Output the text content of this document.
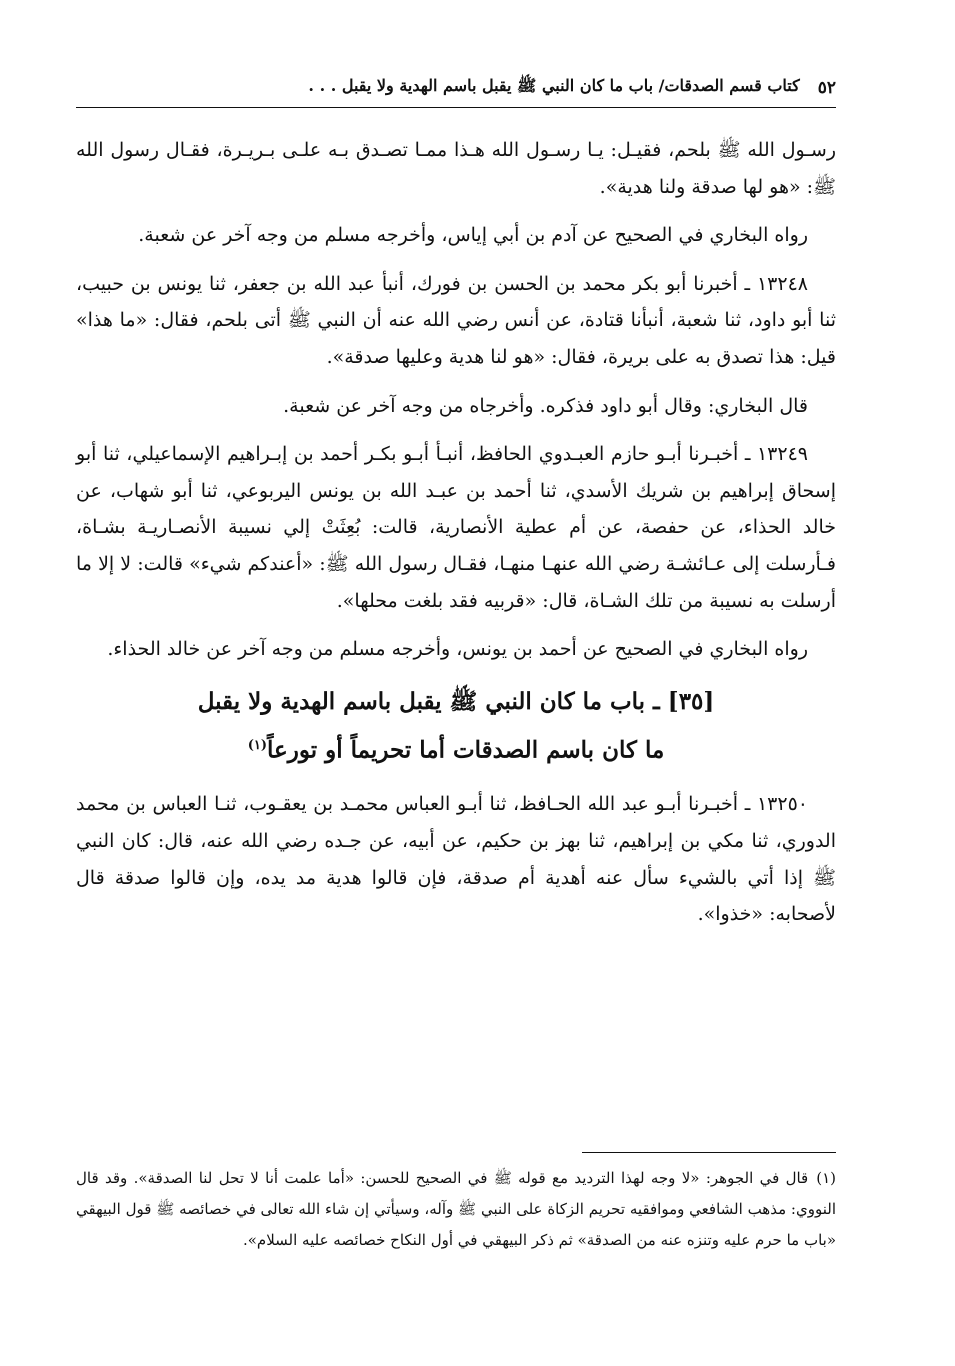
٥٢
كتاب قسم الصدقات/ باب ما كان النبي ﷺ يقبل باسم الهدية ولا يقبل . . .

رسـول الله ﷺ بلحم، فقيـل: يـا رسـول الله هـذا ممـا تصـدق بـه علـى بـريـرة، فقـال رسول الله ﷺ: «هو لها صدقة ولنا هدية».

رواه البخاري في الصحيح عن آدم بن أبي إياس، وأخرجه مسلم من وجه آخر عن شعبة.

١٣٢٤٨ ـ أخبرنا أبو بكر محمد بن الحسن بن فورك، أنبأ عبد الله بن جعفر، ثنا يونس بن حبيب، ثنا أبو داود، ثنا شعبة، أنبأنا قتادة، عن أنس رضي الله عنه أن النبي ﷺ أتى بلحم، فقال: «ما هذا» قيل: هذا تصدق به على بريرة، فقال: «هو لنا هدية وعليها صدقة».

قال البخاري: وقال أبو داود فذكره. وأخرجاه من وجه آخر عن شعبة.

١٣٢٤٩ ـ أخبـرنا أبـو حازم العبـدوي الحافظ، أنبـأ أبـو بكـر أحمد بن إبـراهيم الإسماعيلي، ثنا أبو إسحاق إبراهيم بن شريك الأسدي، ثنا أحمد بن عبـد الله بن يونس اليربوعي، ثنا أبو شهاب، عن خالد الحذاء، عن حفصة، عن أم عطية الأنصارية، قالت: بُعِثَتْ إلي نسيبة الأنصـاريـة بشـاة، فـأرسلت إلى عـائشـة رضي الله عنهـا منهـا، فقـال رسول الله ﷺ: «أعندكم شيء» قالت: لا إلا ما أرسلت به نسيبة من تلك الشـاة، قال: «قربيه فقد بلغت محلها».

رواه البخاري في الصحيح عن أحمد بن يونس، وأخرجه مسلم من وجه آخر عن خالد الحذاء.

[٣٥] ـ باب ما كان النبي ﷺ يقبل باسم الهدية ولا يقبل
ما كان باسم الصدقات أما تحريماً أو تورعاً$^{(١)}$

١٣٢٥٠ ـ أخبـرنا أبـو عبد الله الحـافظ، ثنا أبـو العباس محمـد بن يعقـوب، ثنـا العباس بن محمد الدوري، ثنا مكي بن إبراهيم، ثنا بهز بن حكيم، عن أبيه، عن جـده رضي الله عنه، قال: كان النبي ﷺ إذا أتي بالشيء سأل عنه أهدية أم صدقة، فإن قالوا هدية مد يده، وإن قالوا صدقة قال لأصحابه: «خذوا».

(١)قال في الجوهر: «لا وجه لهذا الترديد مع قوله ﷺ في الصحيح للحسن: «أما علمت أنا لا تحل لنا الصدقة». وقد قال النووي: مذهب الشافعي وموافقيه تحريم الزكاة على النبي ﷺ وآله، وسيأتي إن شاء الله تعالى في خصائصه ﷺ قول البيهقي «باب ما حرم عليه وتنزه عنه من الصدقة» ثم ذكر البيهقي في أول النكاح خصائصه عليه السلام».
